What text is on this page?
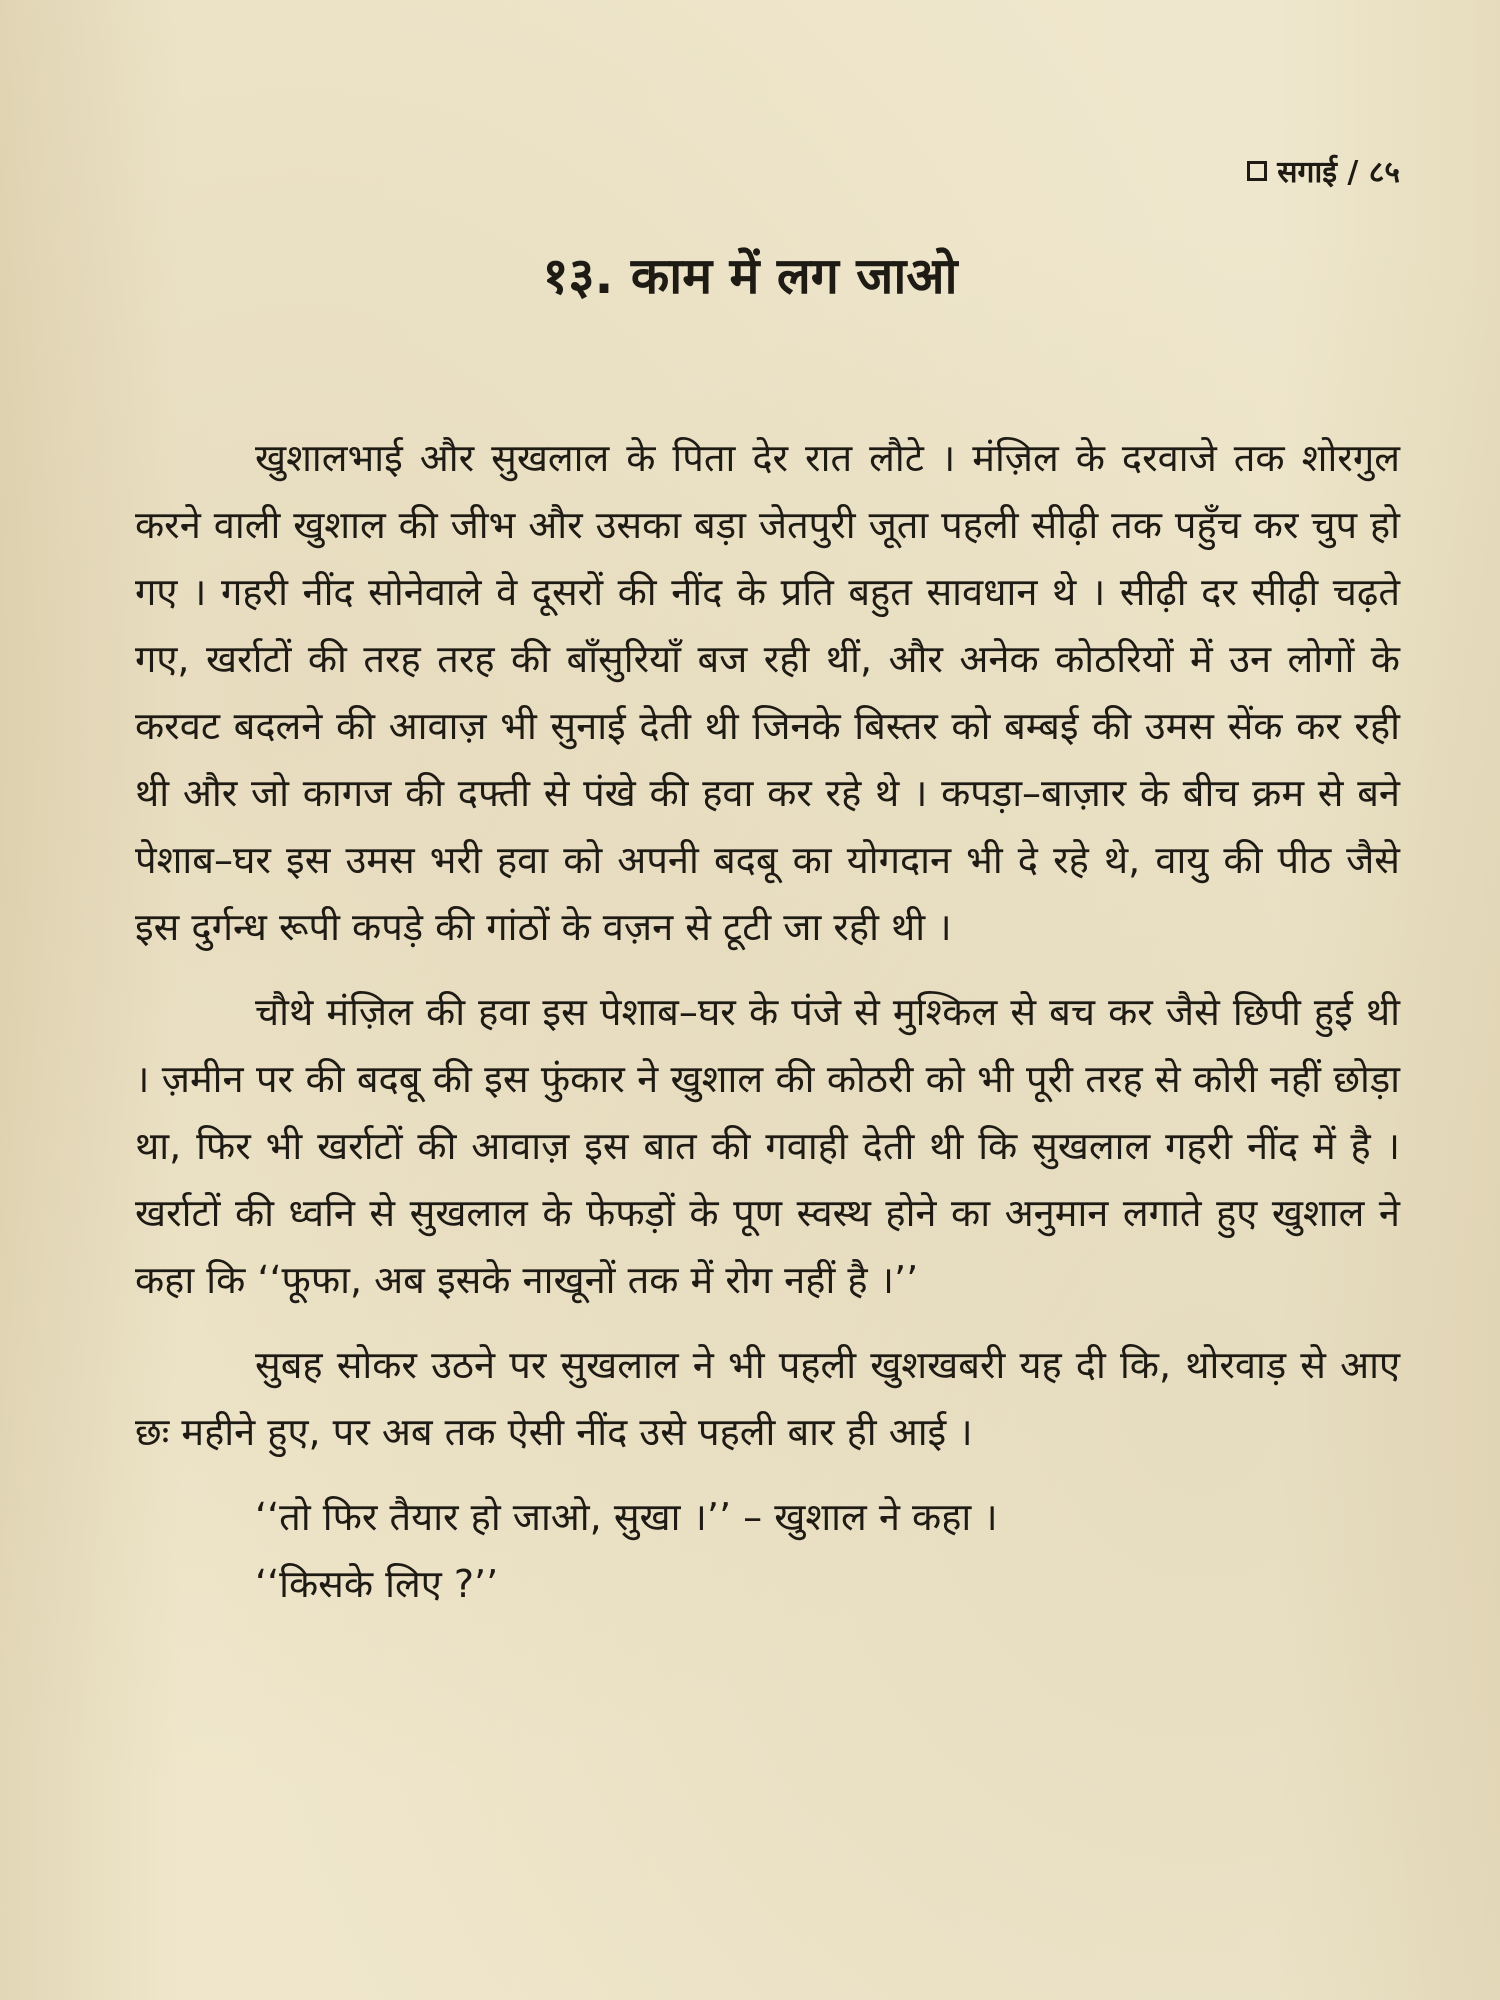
सगाई / ८५
१३. काम में लग जाओ

खुशालभाई और सुखलाल के पिता देर रात लौटे । मंज़िल के दरवाजे तक शोरगुल करने वाली खुशाल की जीभ और उसका बड़ा जेतपुरी जूता पहली सीढ़ी तक पहुँच कर चुप हो गए । गहरी नींद सोनेवाले वे दूसरों की नींद के प्रति बहुत सावधान थे । सीढ़ी दर सीढ़ी चढ़ते गए, खर्राटों की तरह तरह की बाँसुरियाँ बज रही थीं, और अनेक कोठरियों में उन लोगों के करवट बदलने की आवाज़ भी सुनाई देती थी जिनके बिस्तर को बम्बई की उमस सेंक कर रही थी और जो कागज की दफ्ती से पंखे की हवा कर रहे थे । कपड़ा–बाज़ार के बीच क्रम से बने पेशाब–घर इस उमस भरी हवा को अपनी बदबू का योगदान भी दे रहे थे, वायु की पीठ जैसे इस दुर्गन्ध रूपी कपड़े की गांठों के वज़न से टूटी जा रही थी ।

चौथे मंज़िल की हवा इस पेशाब–घर के पंजे से मुश्किल से बच कर जैसे छिपी हुई थी । ज़मीन पर की बदबू की इस फुंकार ने खुशाल की कोठरी को भी पूरी तरह से कोरी नहीं छोड़ा था, फिर भी खर्राटों की आवाज़ इस बात की गवाही देती थी कि सुखलाल गहरी नींद में है । खर्राटों की ध्वनि से सुखलाल के फेफड़ों के पूण स्वस्थ होने का अनुमान लगाते हुए खुशाल ने कहा कि ‘‘फूफा, अब इसके नाखूनों तक में रोग नहीं है ।’’

सुबह सोकर उठने पर सुखलाल ने भी पहली खुशखबरी यह दी कि, थोरवाड़ से आए छः महीने हुए, पर अब तक ऐसी नींद उसे पहली बार ही आई ।

‘‘तो फिर तैयार हो जाओ, सुखा ।’’ – खुशाल ने कहा ।

‘‘किसके लिए ?’’
